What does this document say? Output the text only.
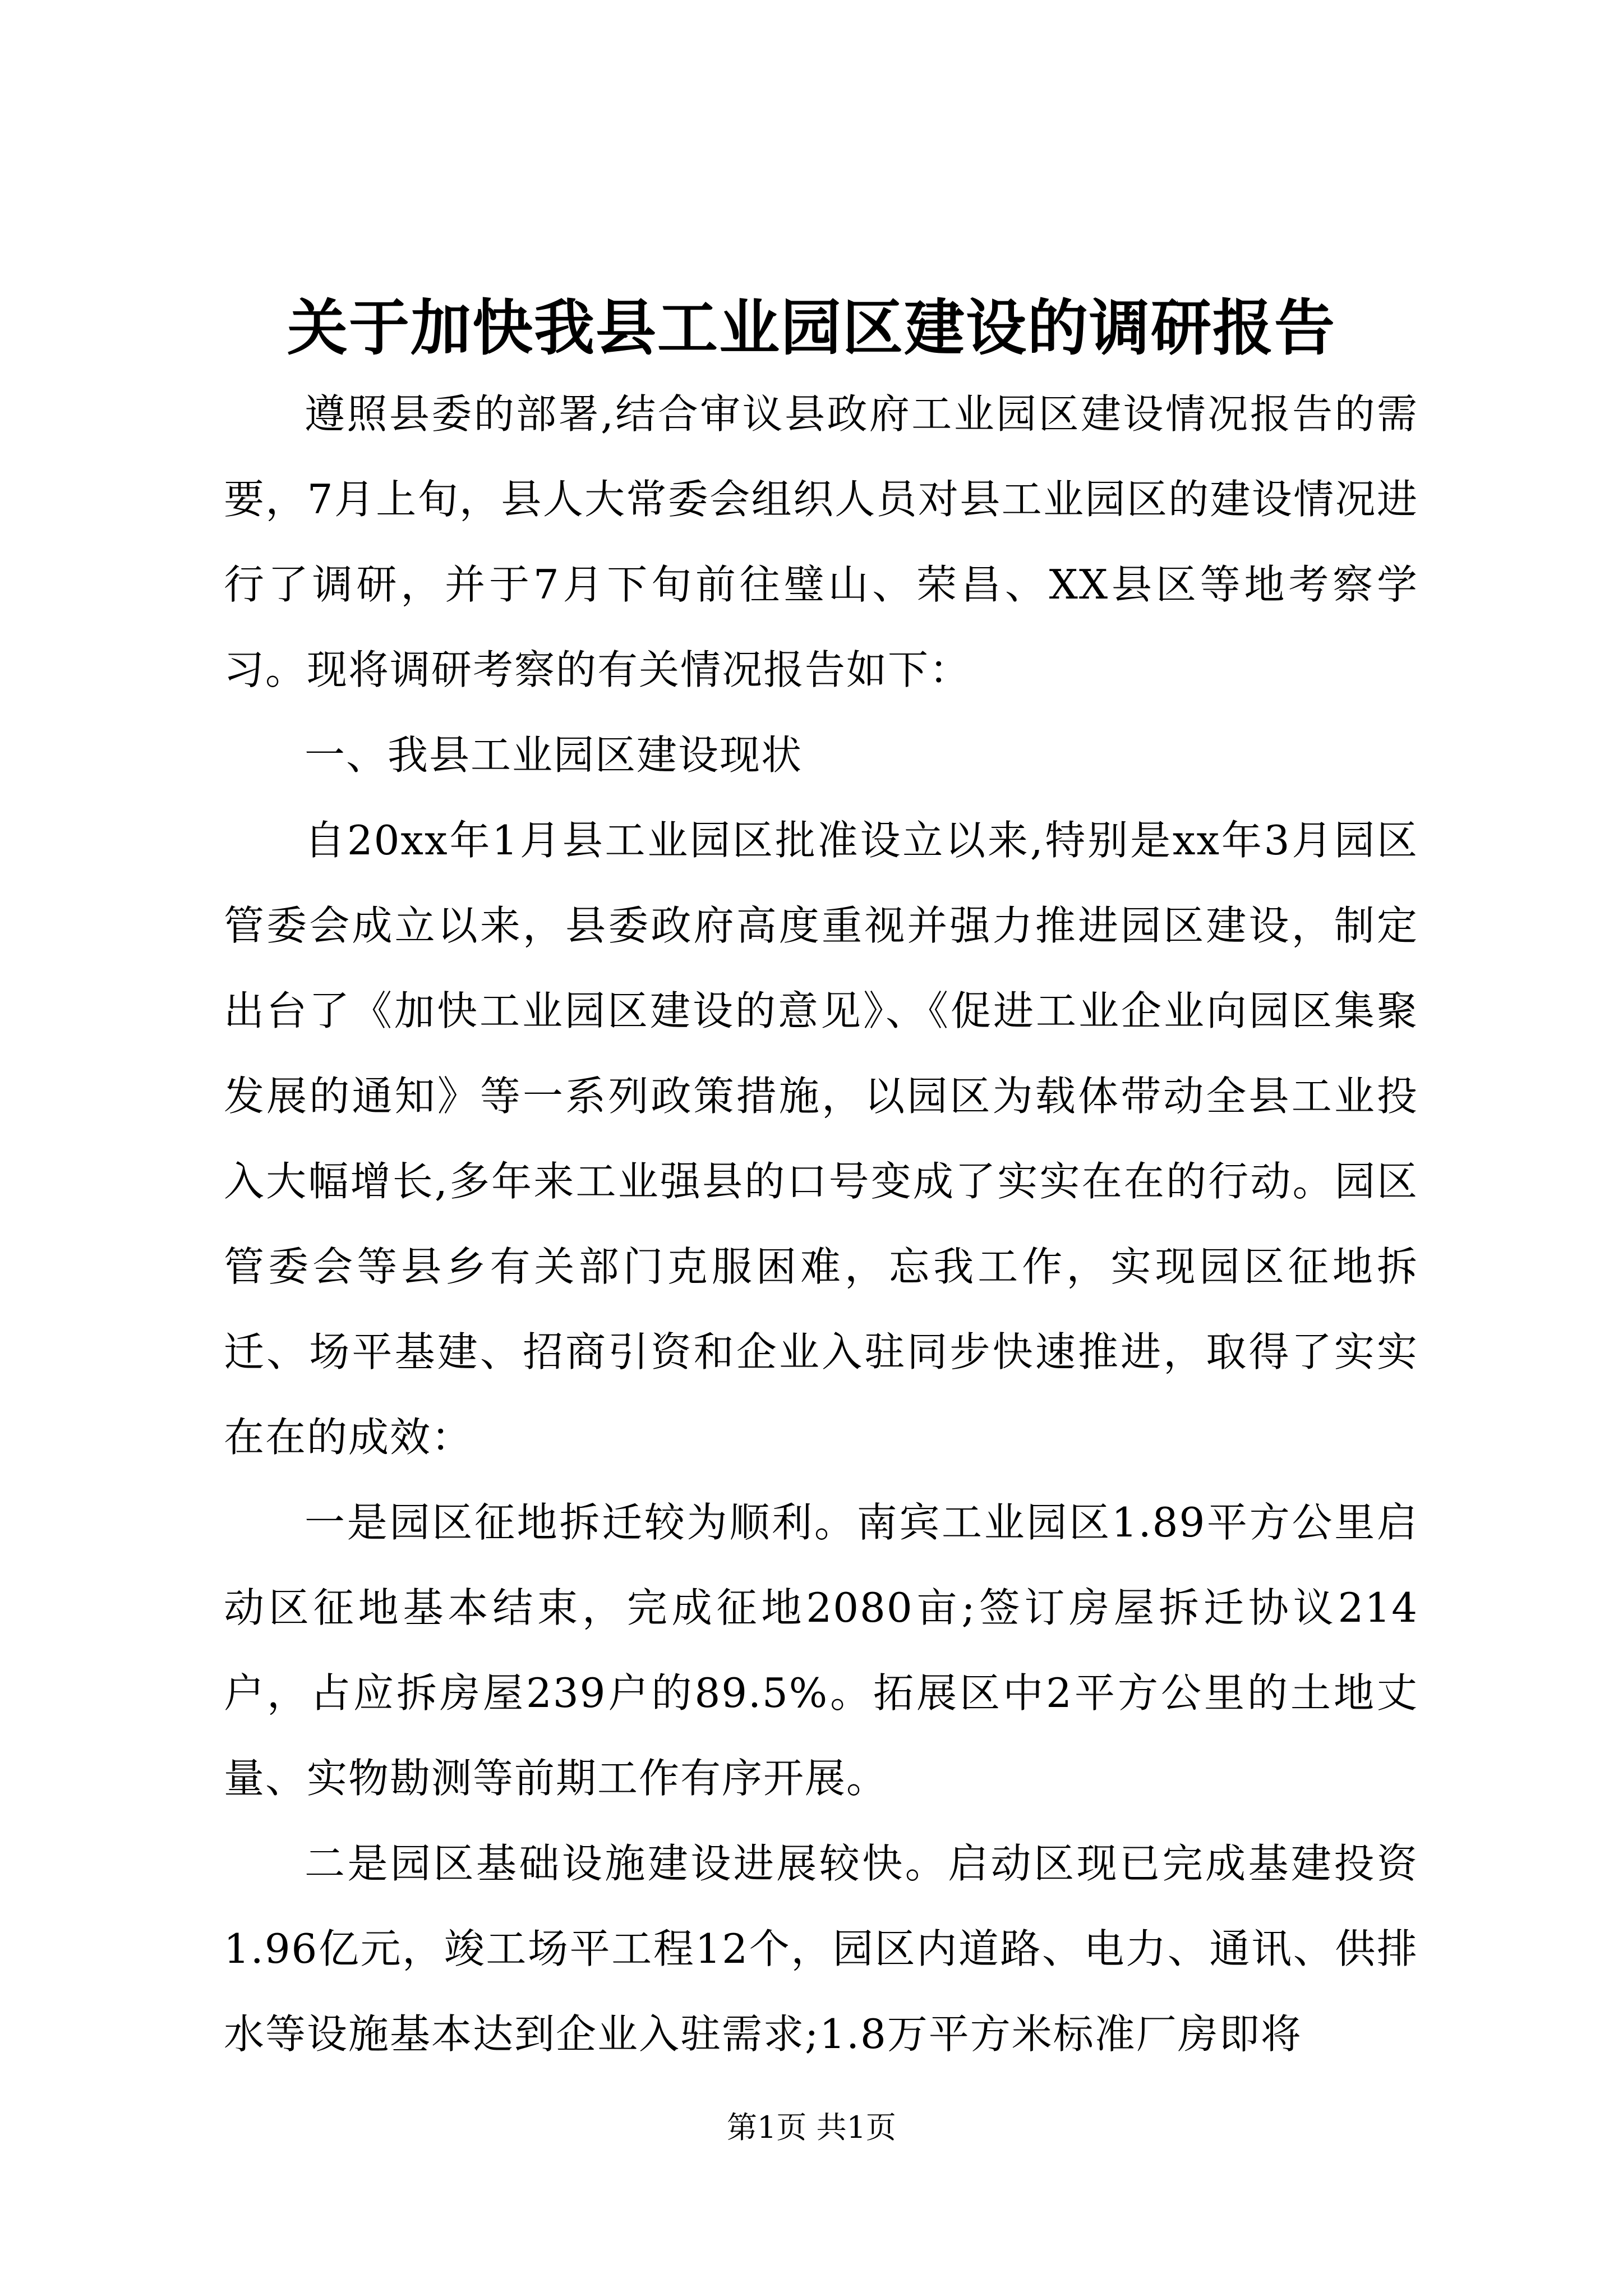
关于加快我县工业园区建设的调研报告

遵照县委的部署,结合审议县政府工业园区建设情况报告的需要，7月上旬，县人大常委会组织人员对县工业园区的建设情况进行了调研，并于7月下旬前往璧山、荣昌、XX县区等地考察学习。现将调研考察的有关情况报告如下：

一、我县工业园区建设现状

自20xx年1月县工业园区批准设立以来,特别是xx年3月园区管委会成立以来，县委政府高度重视并强力推进园区建设，制定出台了《加快工业园区建设的意见》、《促进工业企业向园区集聚发展的通知》等一系列政策措施，以园区为载体带动全县工业投入大幅增长,多年来工业强县的口号变成了实实在在的行动。园区管委会等县乡有关部门克服困难，忘我工作，实现园区征地拆迁、场平基建、招商引资和企业入驻同步快速推进，取得了实实在在的成效：

一是园区征地拆迁较为顺利。南宾工业园区1.89平方公里启动区征地基本结束，完成征地2080亩;签订房屋拆迁协议214户，占应拆房屋239户的89.5%。拓展区中2平方公里的土地丈量、实物勘测等前期工作有序开展。

二是园区基础设施建设进展较快。启动区现已完成基建投资1.96亿元，竣工场平工程12个，园区内道路、电力、通讯、供排水等设施基本达到企业入驻需求;1.8万平方米标准厂房即将

第1页 共1页
